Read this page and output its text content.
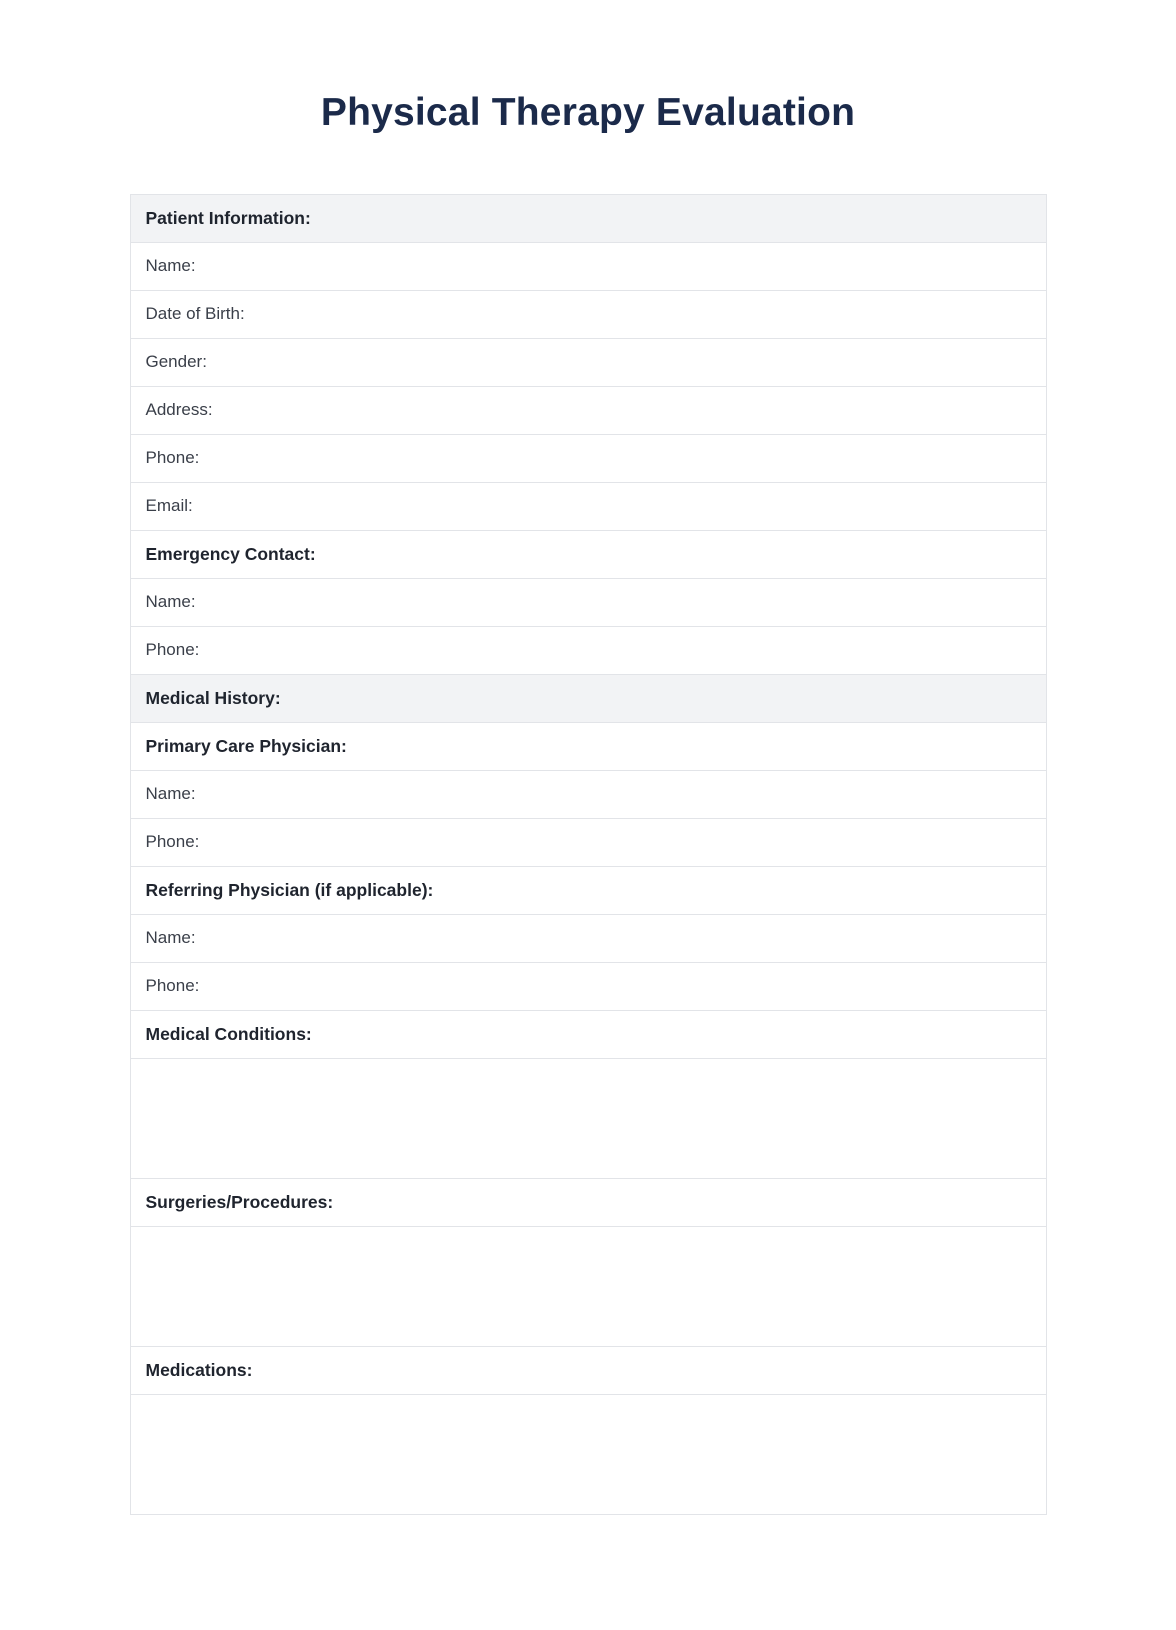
Physical Therapy Evaluation
Patient Information:
Name:
Date of Birth:
Gender:
Address:
Phone:
Email:
Emergency Contact:
Name:
Phone:
Medical History:
Primary Care Physician:
Name:
Phone:
Referring Physician (if applicable):
Name:
Phone:
Medical Conditions:

Surgeries/Procedures:

Medications:
